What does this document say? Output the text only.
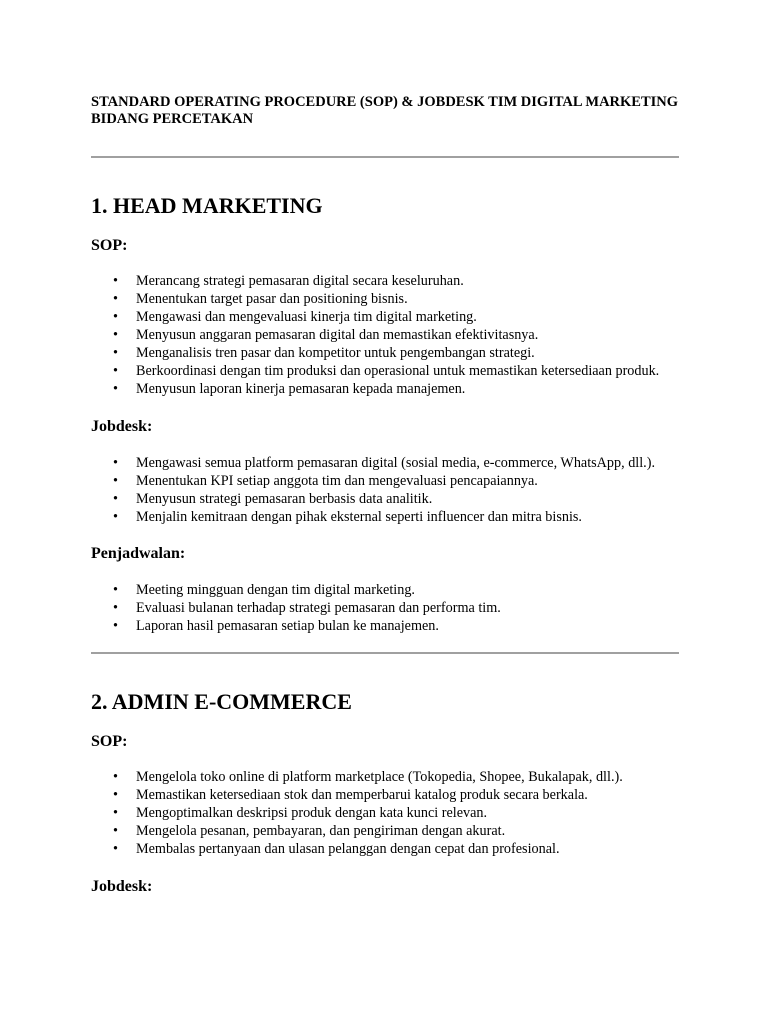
STANDARD OPERATING PROCEDURE (SOP) & JOBDESK TIM DIGITAL MARKETING BIDANG PERCETAKAN
1. HEAD MARKETING
SOP:
• Merancang strategi pemasaran digital secara keseluruhan.
• Menentukan target pasar dan positioning bisnis.
• Mengawasi dan mengevaluasi kinerja tim digital marketing.
• Menyusun anggaran pemasaran digital dan memastikan efektivitasnya.
• Menganalisis tren pasar dan kompetitor untuk pengembangan strategi.
• Berkoordinasi dengan tim produksi dan operasional untuk memastikan ketersediaan produk.
• Menyusun laporan kinerja pemasaran kepada manajemen.
Jobdesk:
• Mengawasi semua platform pemasaran digital (sosial media, e-commerce, WhatsApp, dll.).
• Menentukan KPI setiap anggota tim dan mengevaluasi pencapaiannya.
• Menyusun strategi pemasaran berbasis data analitik.
• Menjalin kemitraan dengan pihak eksternal seperti influencer dan mitra bisnis.
Penjadwalan:
• Meeting mingguan dengan tim digital marketing.
• Evaluasi bulanan terhadap strategi pemasaran dan performa tim.
• Laporan hasil pemasaran setiap bulan ke manajemen.
2. ADMIN E-COMMERCE
SOP:
• Mengelola toko online di platform marketplace (Tokopedia, Shopee, Bukalapak, dll.).
• Memastikan ketersediaan stok dan memperbarui katalog produk secara berkala.
• Mengoptimalkan deskripsi produk dengan kata kunci relevan.
• Mengelola pesanan, pembayaran, dan pengiriman dengan akurat.
• Membalas pertanyaan dan ulasan pelanggan dengan cepat dan profesional.
Jobdesk:
